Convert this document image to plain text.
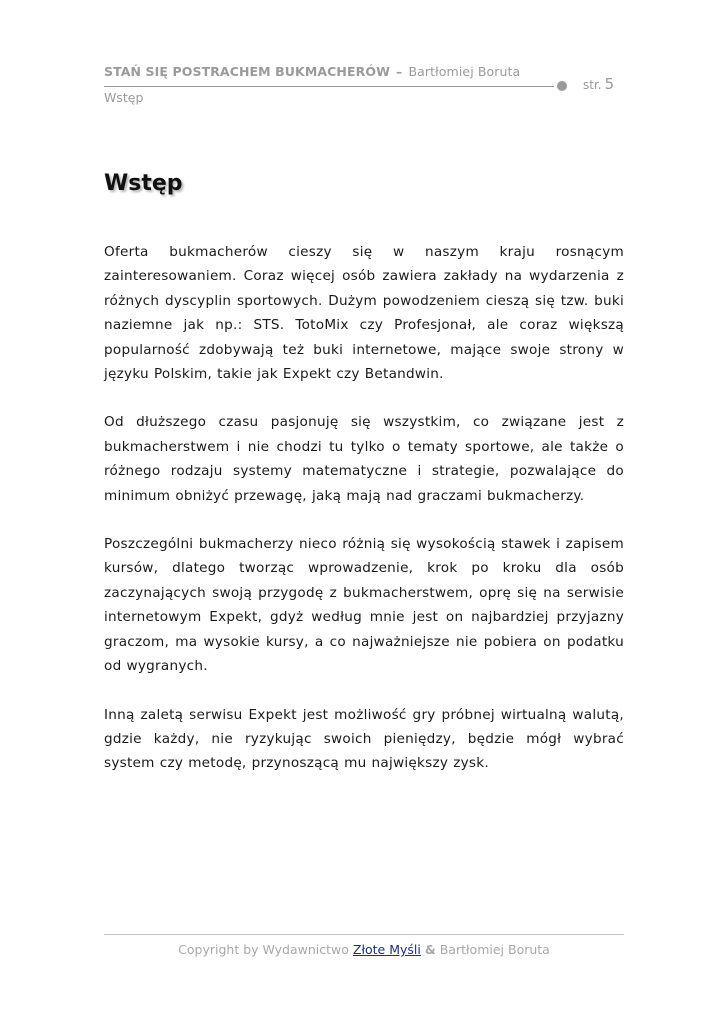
STAŃ SIĘ POSTRACHEM BUKMACHERÓW – Bartłomiej Boruta
str. 5
Wstęp
Wstęp

Oferta bukmacherów cieszy się w naszym kraju rosnącym zainteresowaniem. Coraz więcej osób zawiera zakłady na wydarzenia z różnych dyscyplin sportowych. Dużym powodzeniem cieszą się tzw. buki naziemne jak np.: STS. TotoMix czy Profesjonał, ale coraz większą popularność zdobywają też buki internetowe, mające swoje strony w języku Polskim, takie jak Expekt czy Betandwin.

Od dłuższego czasu pasjonuję się wszystkim, co związane jest z bukmacherstwem i nie chodzi tu tylko o tematy sportowe, ale także o różnego rodzaju systemy matematyczne i strategie, pozwalające do minimum obniżyć przewagę, jaką mają nad graczami bukmacherzy.

Poszczególni bukmacherzy nieco różnią się wysokością stawek i zapisem kursów, dlatego tworząc wprowadzenie, krok po kroku dla osób zaczynających swoją przygodę z bukmacherstwem, oprę się na serwisie internetowym Expekt, gdyż według mnie jest on najbardziej przyjazny graczom, ma wysokie kursy, a co najważniejsze nie pobiera on podatku od wygranych.

Inną zaletą serwisu Expekt jest możliwość gry próbnej wirtualną walutą, gdzie każdy, nie ryzykując swoich pieniędzy, będzie mógł wybrać system czy metodę, przynoszącą mu największy zysk.

Copyright by Wydawnictwo Złote Myśli & Bartłomiej Boruta
